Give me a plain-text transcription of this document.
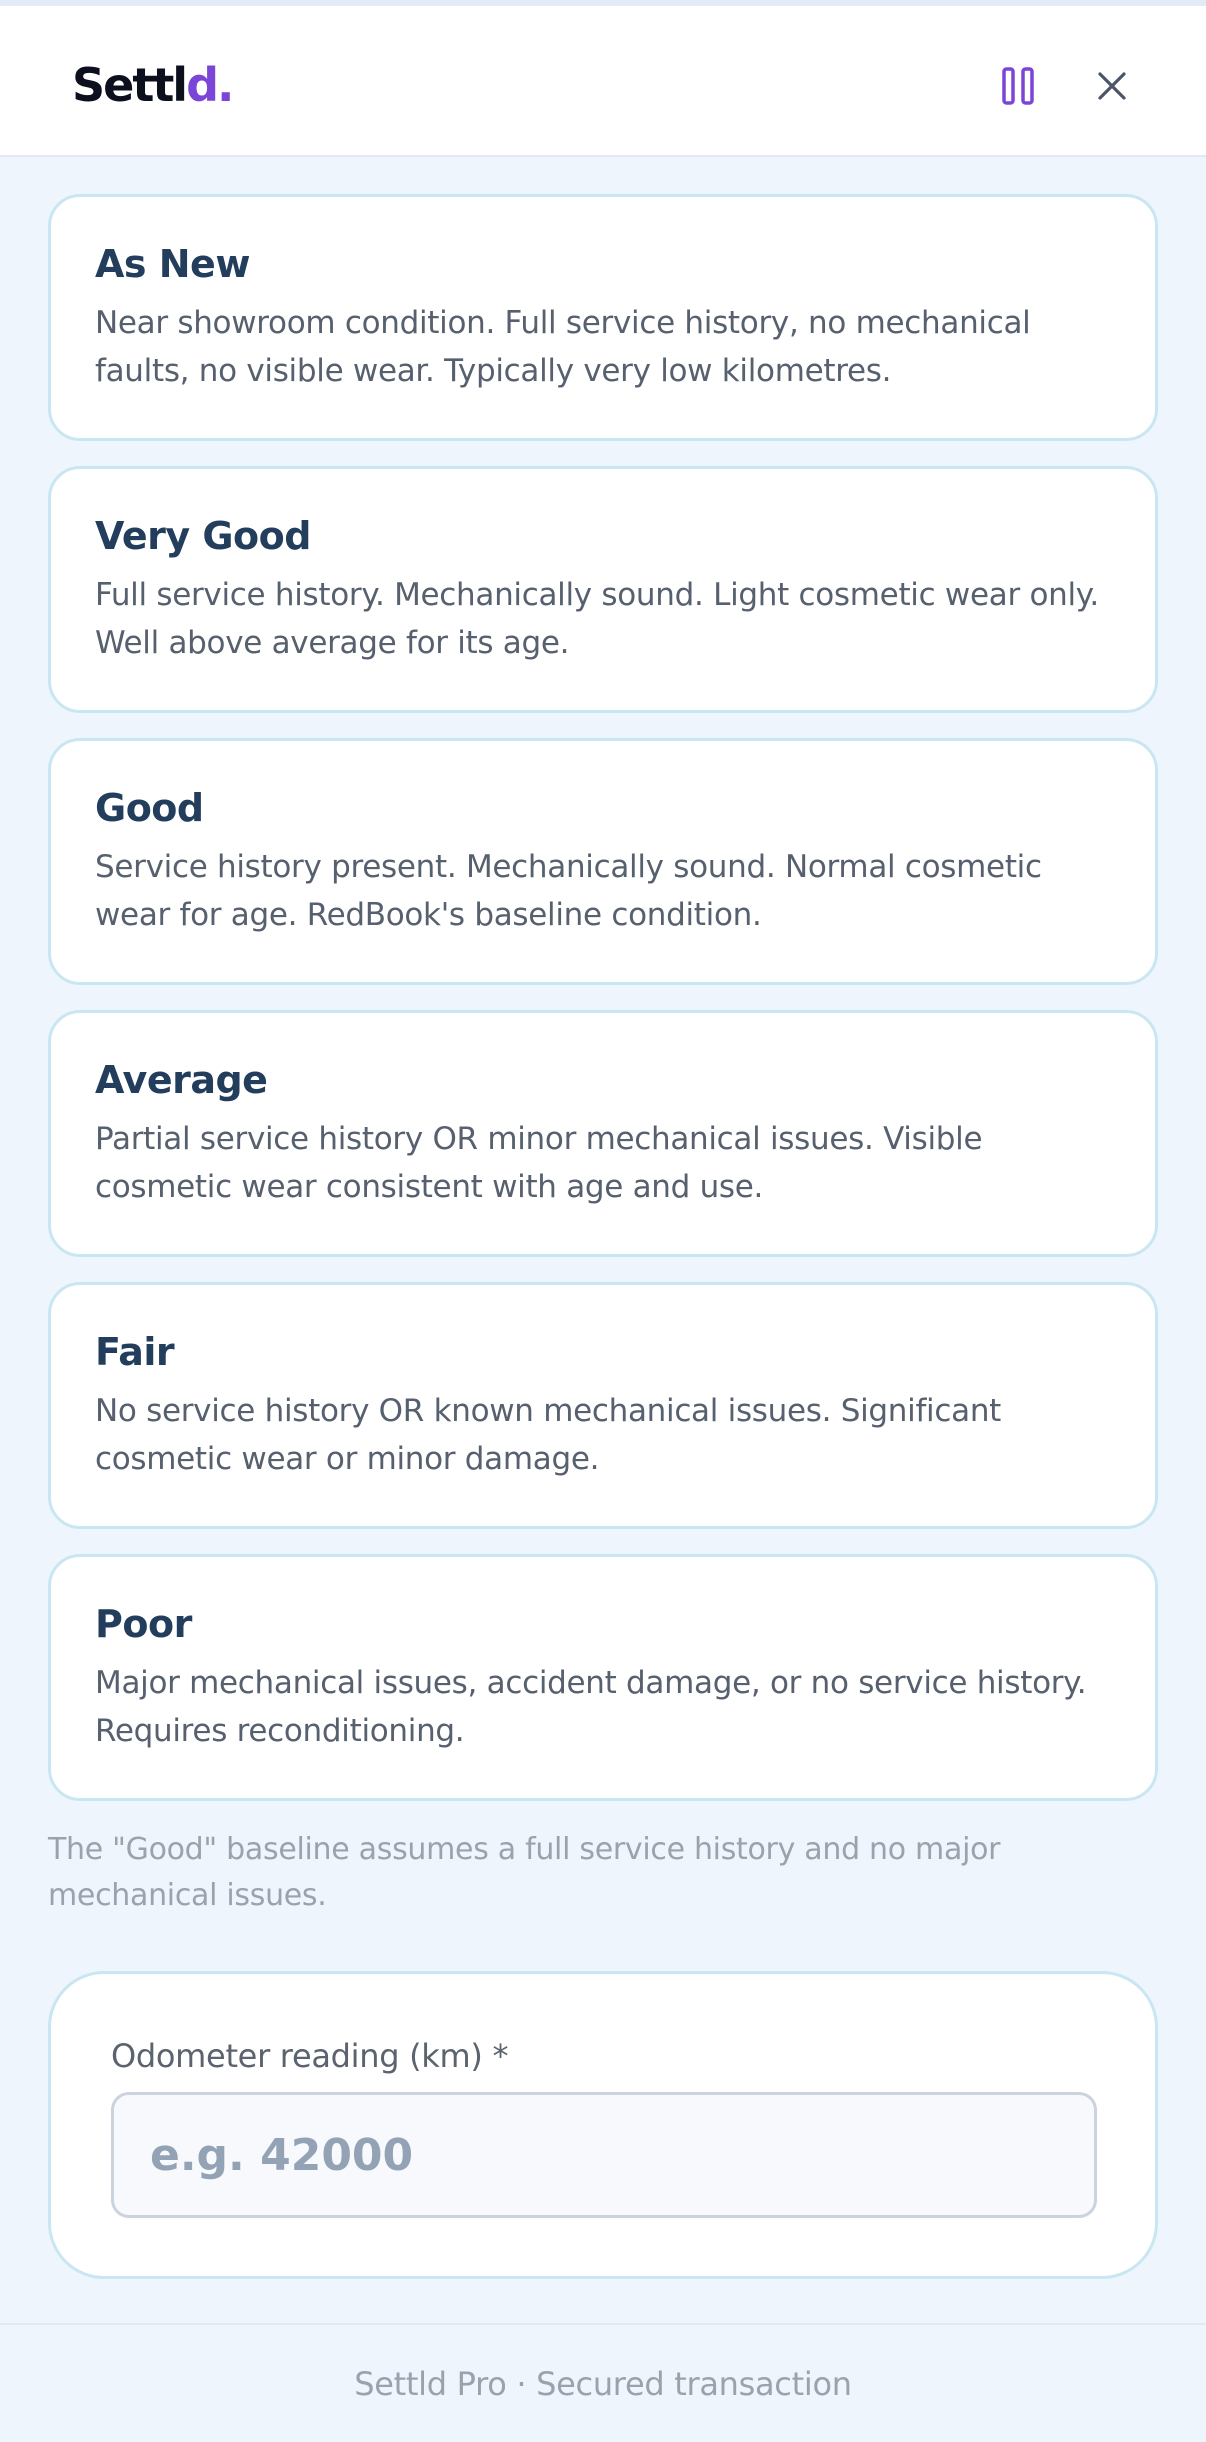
Settld.
As New
Near showroom condition. Full service history, no mechanical faults, no visible wear. Typically very low kilometres.
Very Good
Full service history. Mechanically sound. Light cosmetic wear only. Well above average for its age.
Good
Service history present. Mechanically sound. Normal cosmetic wear for age. RedBook's baseline condition.
Average
Partial service history OR minor mechanical issues. Visible cosmetic wear consistent with age and use.
Fair
No service history OR known mechanical issues. Significant cosmetic wear or minor damage.
Poor
Major mechanical issues, accident damage, or no service history. Requires reconditioning.

The "Good" baseline assumes a full service history and no major mechanical issues.

Odometer reading (km) *
e.g. 42000
Settld Pro · Secured transaction
